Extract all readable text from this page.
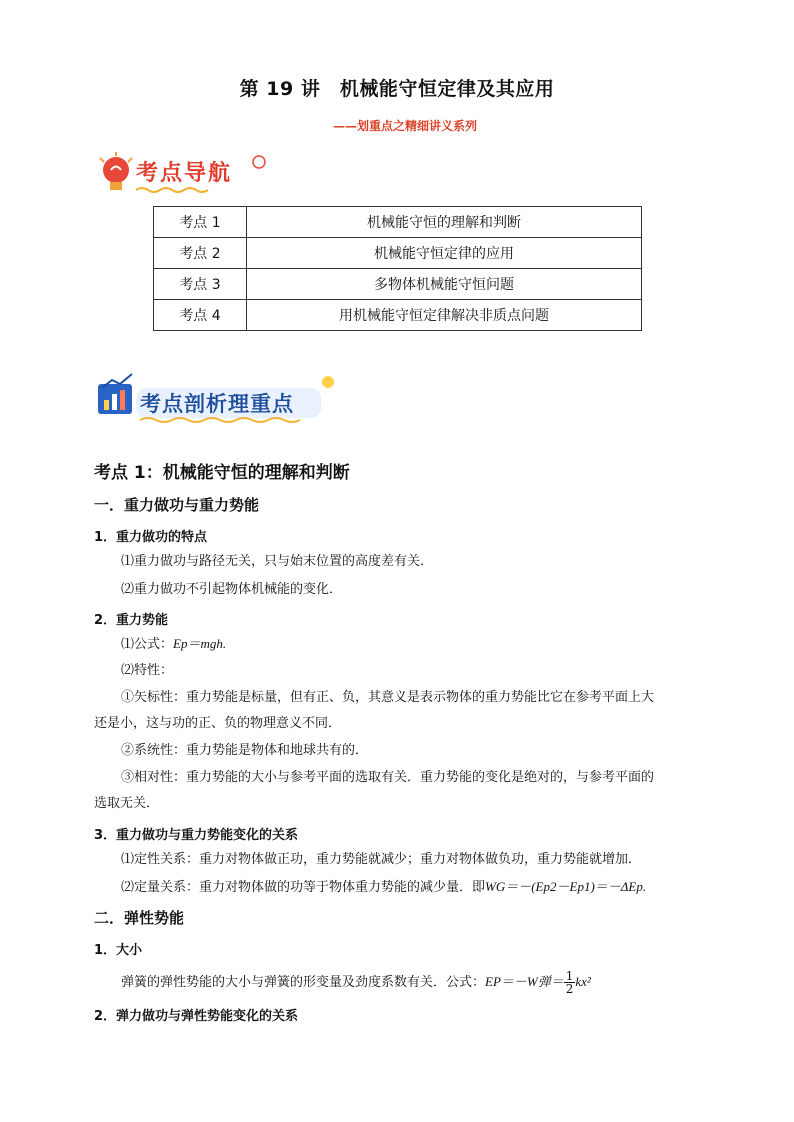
第 19 讲　机械能守恒定律及其应用
——划重点之精细讲义系列
考点导航
考点 1	机械能守恒的理解和判断
考点 2	机械能守恒定律的应用
考点 3	多物体机械能守恒问题
考点 4	用机械能守恒定律解决非质点问题
考点剖析理重点
考点 1：机械能守恒的理解和判断
一．重力做功与重力势能
1．重力做功的特点
⑴重力做功与路径无关，只与始末位置的高度差有关．
⑵重力做功不引起物体机械能的变化．
2．重力势能
⑴公式：Ep＝mgh.
⑵特性：
①矢标性：重力势能是标量，但有正、负，其意义是表示物体的重力势能比它在参考平面上大
还是小，这与功的正、负的物理意义不同．
②系统性：重力势能是物体和地球共有的．
③相对性：重力势能的大小与参考平面的选取有关．重力势能的变化是绝对的，与参考平面的
选取无关．
3．重力做功与重力势能变化的关系
⑴定性关系：重力对物体做正功，重力势能就减少；重力对物体做负功，重力势能就增加．
⑵定量关系：重力对物体做的功等于物体重力势能的减少量．即WG＝－(Ep2－Ep1)＝－ΔEp.
二．弹性势能
1．大小
弹簧的弹性势能的大小与弹簧的形变量及劲度系数有关．公式：EP＝－W弹＝ $\frac{1}{2} kx^2$
2．弹力做功与弹性势能变化的关系
